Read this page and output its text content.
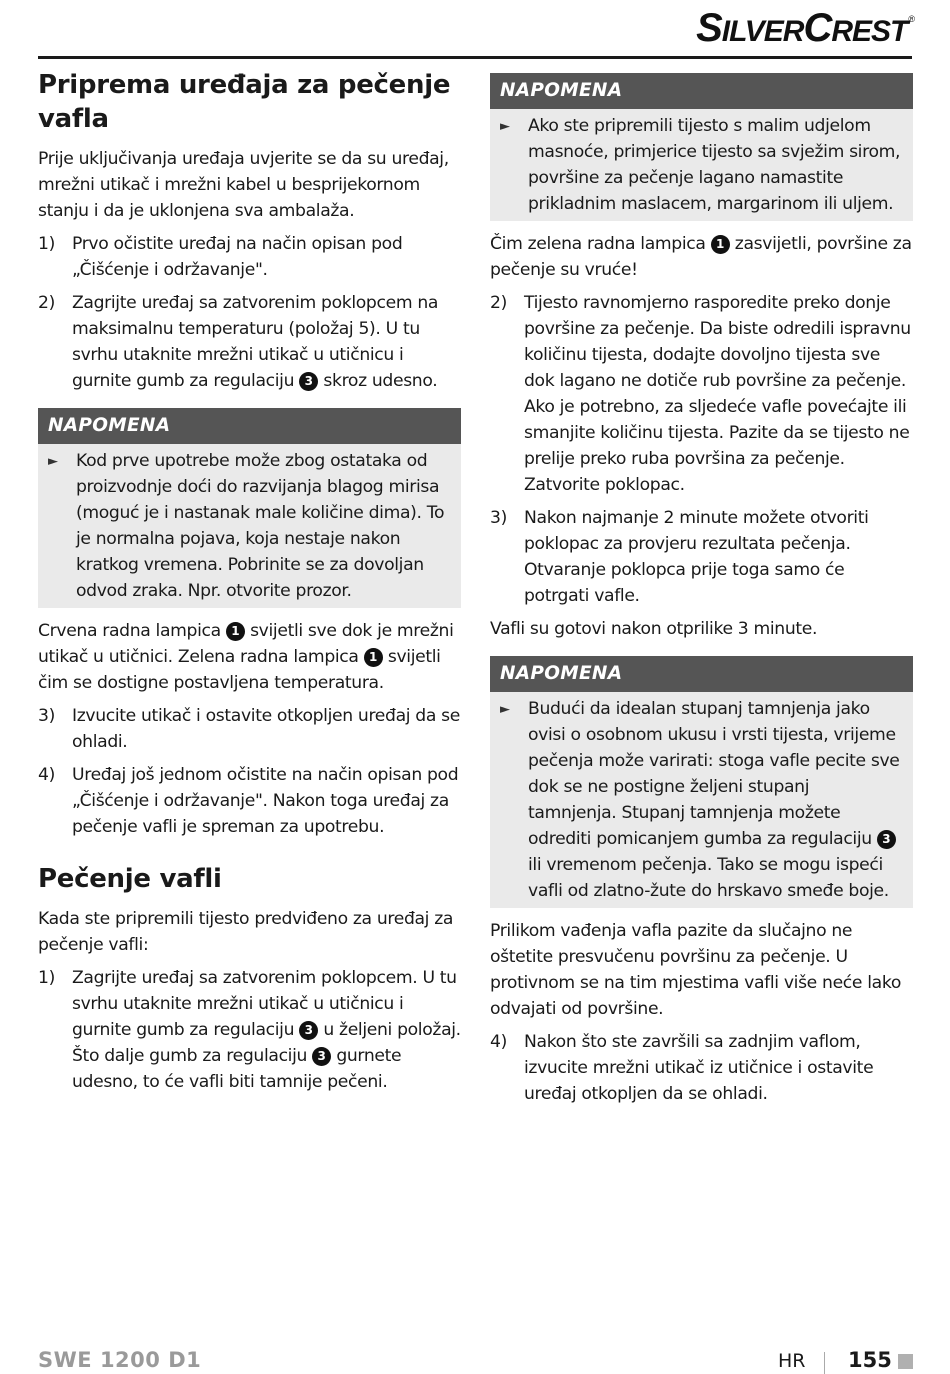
SILVERCREST®
Priprema uređaja za pečenje vafla

Prije uključivanja uređaja uvjerite se da su uređaj, mrežni utikač i mrežni kabel u besprijekornom stanju i da je uklonjena sva ambalaža.

1) Prvo očistite uređaj na način opisan pod „Čišćenje i održavanje".
2) Zagrijte uređaj sa zatvorenim poklopcem na maksimalnu temperaturu (položaj 5). U tu svrhu utaknite mrežni utikač u utičnicu i gurnite gumb za regulaciju 3 skroz udesno.
NAPOMENA
►	Kod prve upotrebe može zbog ostataka od proizvodnje doći do razvijanja blagog mirisa (moguć je i nastanak male količine dima). To je normalna pojava, koja nestaje nakon kratkog vremena. Pobrinite se za dovoljan odvod zraka. Npr. otvorite prozor.

Crvena radna lampica 1 svijetli sve dok je mrežni utikač u utičnici. Zelena radna lampica 1 svijetli čim se dostigne postavljena temperatura.

3) Izvucite utikač i ostavite otkopljen uređaj da se ohladi.
4) Uređaj još jednom očistite na način opisan pod „Čišćenje i održavanje". Nakon toga uređaj za pečenje vafli je spreman za upotrebu.
Pečenje vafli

Kada ste pripremili tijesto predviđeno za uređaj za pečenje vafli:

1) Zagrijte uređaj sa zatvorenim poklopcem. U tu svrhu utaknite mrežni utikač u utičnicu i gurnite gumb za regulaciju 3 u željeni položaj. Što dalje gumb za regulaciju 3 gurnete udesno, to će vafli biti tamnije pečeni.
NAPOMENA
►	Ako ste pripremili tijesto s malim udjelom masnoće, primjerice tijesto sa svježim sirom, površine za pečenje lagano namastite prikladnim maslacem, margarinom ili uljem.

Čim zelena radna lampica 1 zasvijetli, površine za pečenje su vruće!

2) Tijesto ravnomjerno rasporedite preko donje površine za pečenje. Da biste odredili ispravnu količinu tijesta, dodajte dovoljno tijesta sve dok lagano ne dotiče rub površine za pečenje. Ako je potrebno, za sljedeće vafle povećajte ili smanjite količinu tijesta. Pazite da se tijesto ne prelije preko ruba površina za pečenje. Zatvorite poklopac.
3) Nakon najmanje 2 minute možete otvoriti poklopac za provjeru rezultata pečenja. Otvaranje poklopca prije toga samo će potrgati vafle.

Vafli su gotovi nakon otprilike 3 minute.

NAPOMENA
►	Budući da idealan stupanj tamnjenja jako ovisi o osobnom ukusu i vrsti tijesta, vrijeme pečenja može varirati: stoga vafle pecite sve dok se ne postigne željeni stupanj tamnjenja. Stupanj tamnjenja možete odrediti pomicanjem gumba za regulaciju 3 ili vremenom pečenja. Tako se mogu ispeći vafli od zlatno-žute do hrskavo smeđe boje.

Prilikom vađenja vafla pazite da slučajno ne oštetite presvučenu površinu za pečenje. U protivnom se na tim mjestima vafli više neće lako odvajati od površine.

4) Nakon što ste završili sa zadnjim vaflom, izvucite mrežni utikač iz utičnice i ostavite uređaj otkopljen da se ohladi.
SWE 1200 D1	HR 155
